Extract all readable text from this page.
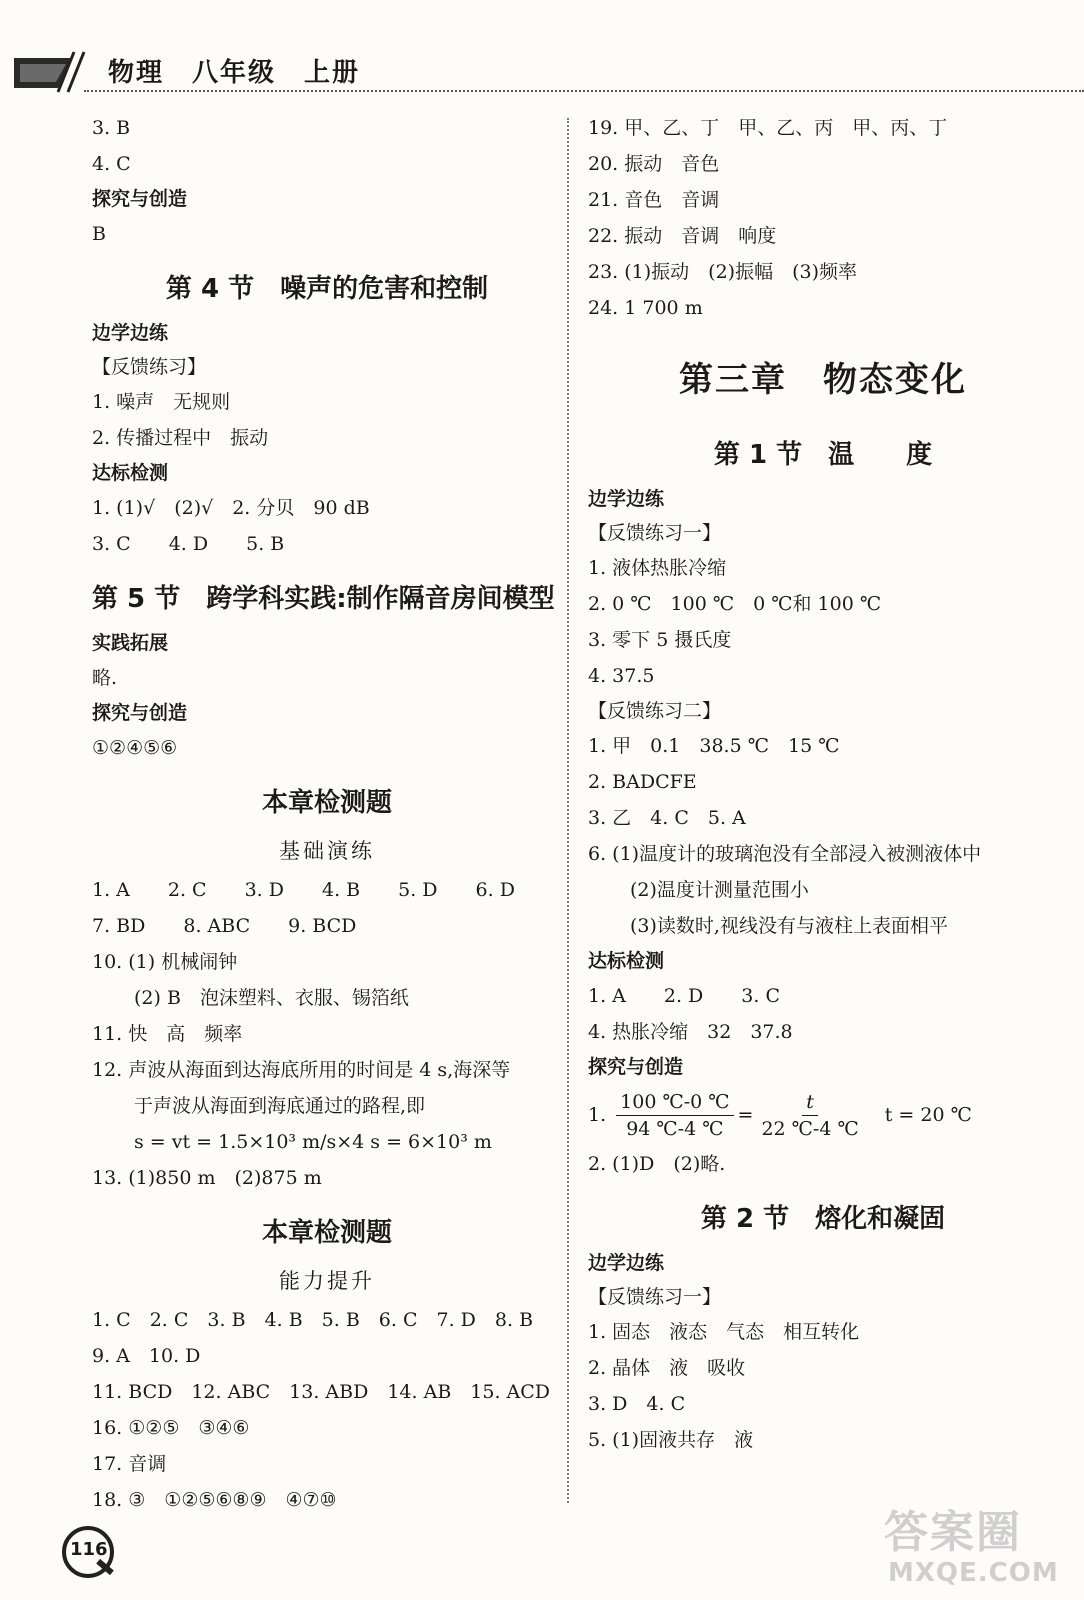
物理　八年级　上册
3. B
4. C
探究与创造
B
第 4 节　噪声的危害和控制
边学边练
【反馈练习】
1. 噪声　无规则
2. 传播过程中　振动
达标检测
1. (1)√　(2)√　2. 分贝　90 dB
3. C　　4. D　　5. B
第 5 节　跨学科实践:制作隔音房间模型
实践拓展
略.
探究与创造
①②④⑤⑥
本章检测题
基础演练
1. A　　2. C　　3. D　　4. B　　5. D　　6. D
7. BD　　8. ABC　　9. BCD
10. (1) 机械闹钟
(2) B　泡沫塑料、衣服、锡箔纸
11. 快　高　频率
12. 声波从海面到达海底所用的时间是 4 s,海深等
于声波从海面到海底通过的路程,即
s = vt = 1.5×10³ m/s×4 s = 6×10³ m
13. (1)850 m　(2)875 m
本章检测题
能力提升
1. C　2. C　3. B　4. B　5. B　6. C　7. D　8. B
9. A　10. D
11. BCD　12. ABC　13. ABD　14. AB　15. ACD
16. ①②⑤　③④⑥
17. 音调
18. ③　①②⑤⑥⑧⑨　④⑦⑩
19. 甲、乙、丁　甲、乙、丙　甲、丙、丁
20. 振动　音色
21. 音色　音调
22. 振动　音调　响度
23. (1)振动　(2)振幅　(3)频率
24. 1 700 m
第三章　物态变化
第 1 节　温　　度
边学边练
【反馈练习一】
1. 液体热胀冷缩
2. 0 ℃　100 ℃　0 ℃和 100 ℃
3. 零下 5 摄氏度
4. 37.5
【反馈练习二】
1. 甲　0.1　38.5 ℃　15 ℃
2. BADCFE
3. 乙　4. C　5. A
6. (1)温度计的玻璃泡没有全部浸入被测液体中
(2)温度计测量范围小
(3)读数时,视线没有与液柱上表面相平
达标检测
1. A　　2. D　　3. C
4. 热胀冷缩　32　37.8
探究与创造
1. $\frac{100 ℃-0 ℃}{94 ℃-4 ℃} = \frac{t}{22 ℃-4 ℃}$ t = 20 ℃
2. (1)D　(2)略.
第 2 节　熔化和凝固
边学边练
【反馈练习一】
1. 固态　液态　气态　相互转化
2. 晶体　液　吸收
3. D　4. C
5. (1)固液共存　液
116	答案圈
MXQE.COM
